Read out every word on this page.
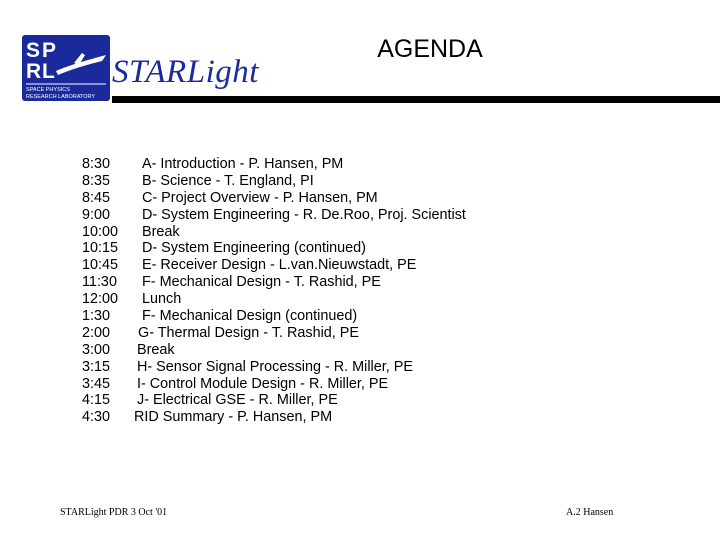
S P
R L
SPACE PHYSICS
RESEARCH LABORATORY
STARLight
AGENDA
8:30 A- Introduction - P. Hansen, PM
8:35 B- Science - T. England, PI
8:45 C- Project Overview - P. Hansen, PM
9:00 D- System Engineering - R. De.Roo, Proj. Scientist
10:00 Break
10:15 D- System Engineering (continued)
10:45 E- Receiver Design - L.van.Nieuwstadt, PE
11:30 F- Mechanical Design - T. Rashid, PE
12:00 Lunch
1:30 F- Mechanical Design (continued)
2:00 G- Thermal Design - T. Rashid, PE
3:00 Break
3:15 H- Sensor Signal Processing - R. Miller, PE
3:45 I- Control Module Design - R. Miller, PE
4:15 J- Electrical GSE - R. Miller, PE
4:30 RID Summary - P. Hansen, PM
STARLight PDR 3 Oct '01	A.2 Hansen
